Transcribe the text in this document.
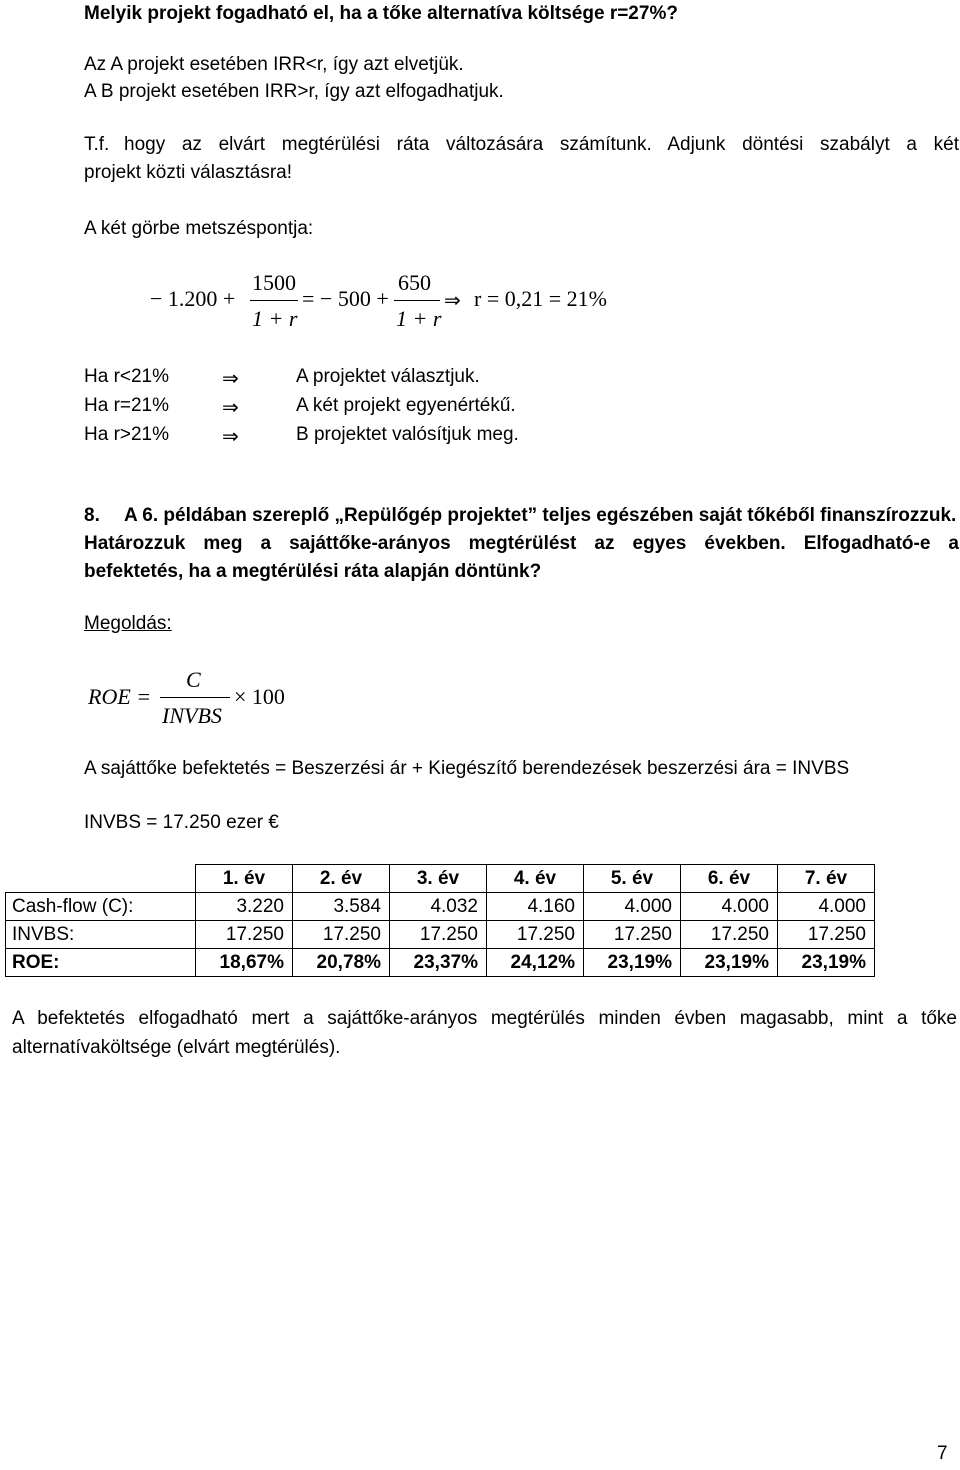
Melyik projekt fogadható el, ha a tőke alternatíva költsége r=27%?
Az A projekt esetében IRR<r, így azt elvetjük.
A B projekt esetében IRR>r, így azt elfogadhatjuk.
T.f. hogy az elvárt megtérülési ráta változására számítunk. Adjunk döntési szabályt a két
projekt közti választásra!
A két görbe metszéspontja:
− 1.200 +
1500
1 + r
= − 500 +
650
1 + r
⇒ r = 0,21 = 21%
Ha r<21%	⇒	A projektet választjuk.
Ha r=21%	⇒	A két projekt egyenértékű.
Ha r>21%	⇒	B projektet valósítjuk meg.
8. A 6. példában szereplő „Repülőgép projektet” teljes egészében saját tőkéből finanszírozzuk.
Határozzuk meg a sajáttőke-arányos megtérülést az egyes években. Elfogadható-e a
befektetés, ha a megtérülési ráta alapján döntünk?
Megoldás:
ROE =
C
INVBS
× 100
A sajáttőke befektetés = Beszerzési ár + Kiegészítő berendezések beszerzési ára = INVBS
INVBS = 17.250 ezer €
	1. év	2. év	3. év	4. év	5. év	6. év	7. év
Cash-flow (C):	3.220	3.584	4.032	4.160	4.000	4.000	4.000
INVBS:	17.250	17.250	17.250	17.250	17.250	17.250	17.250
ROE:	18,67%	20,78%	23,37%	24,12%	23,19%	23,19%	23,19%
A befektetés elfogadható mert a sajáttőke-arányos megtérülés minden évben magasabb, mint a tőke
alternatívaköltsége (elvárt megtérülés).
7
